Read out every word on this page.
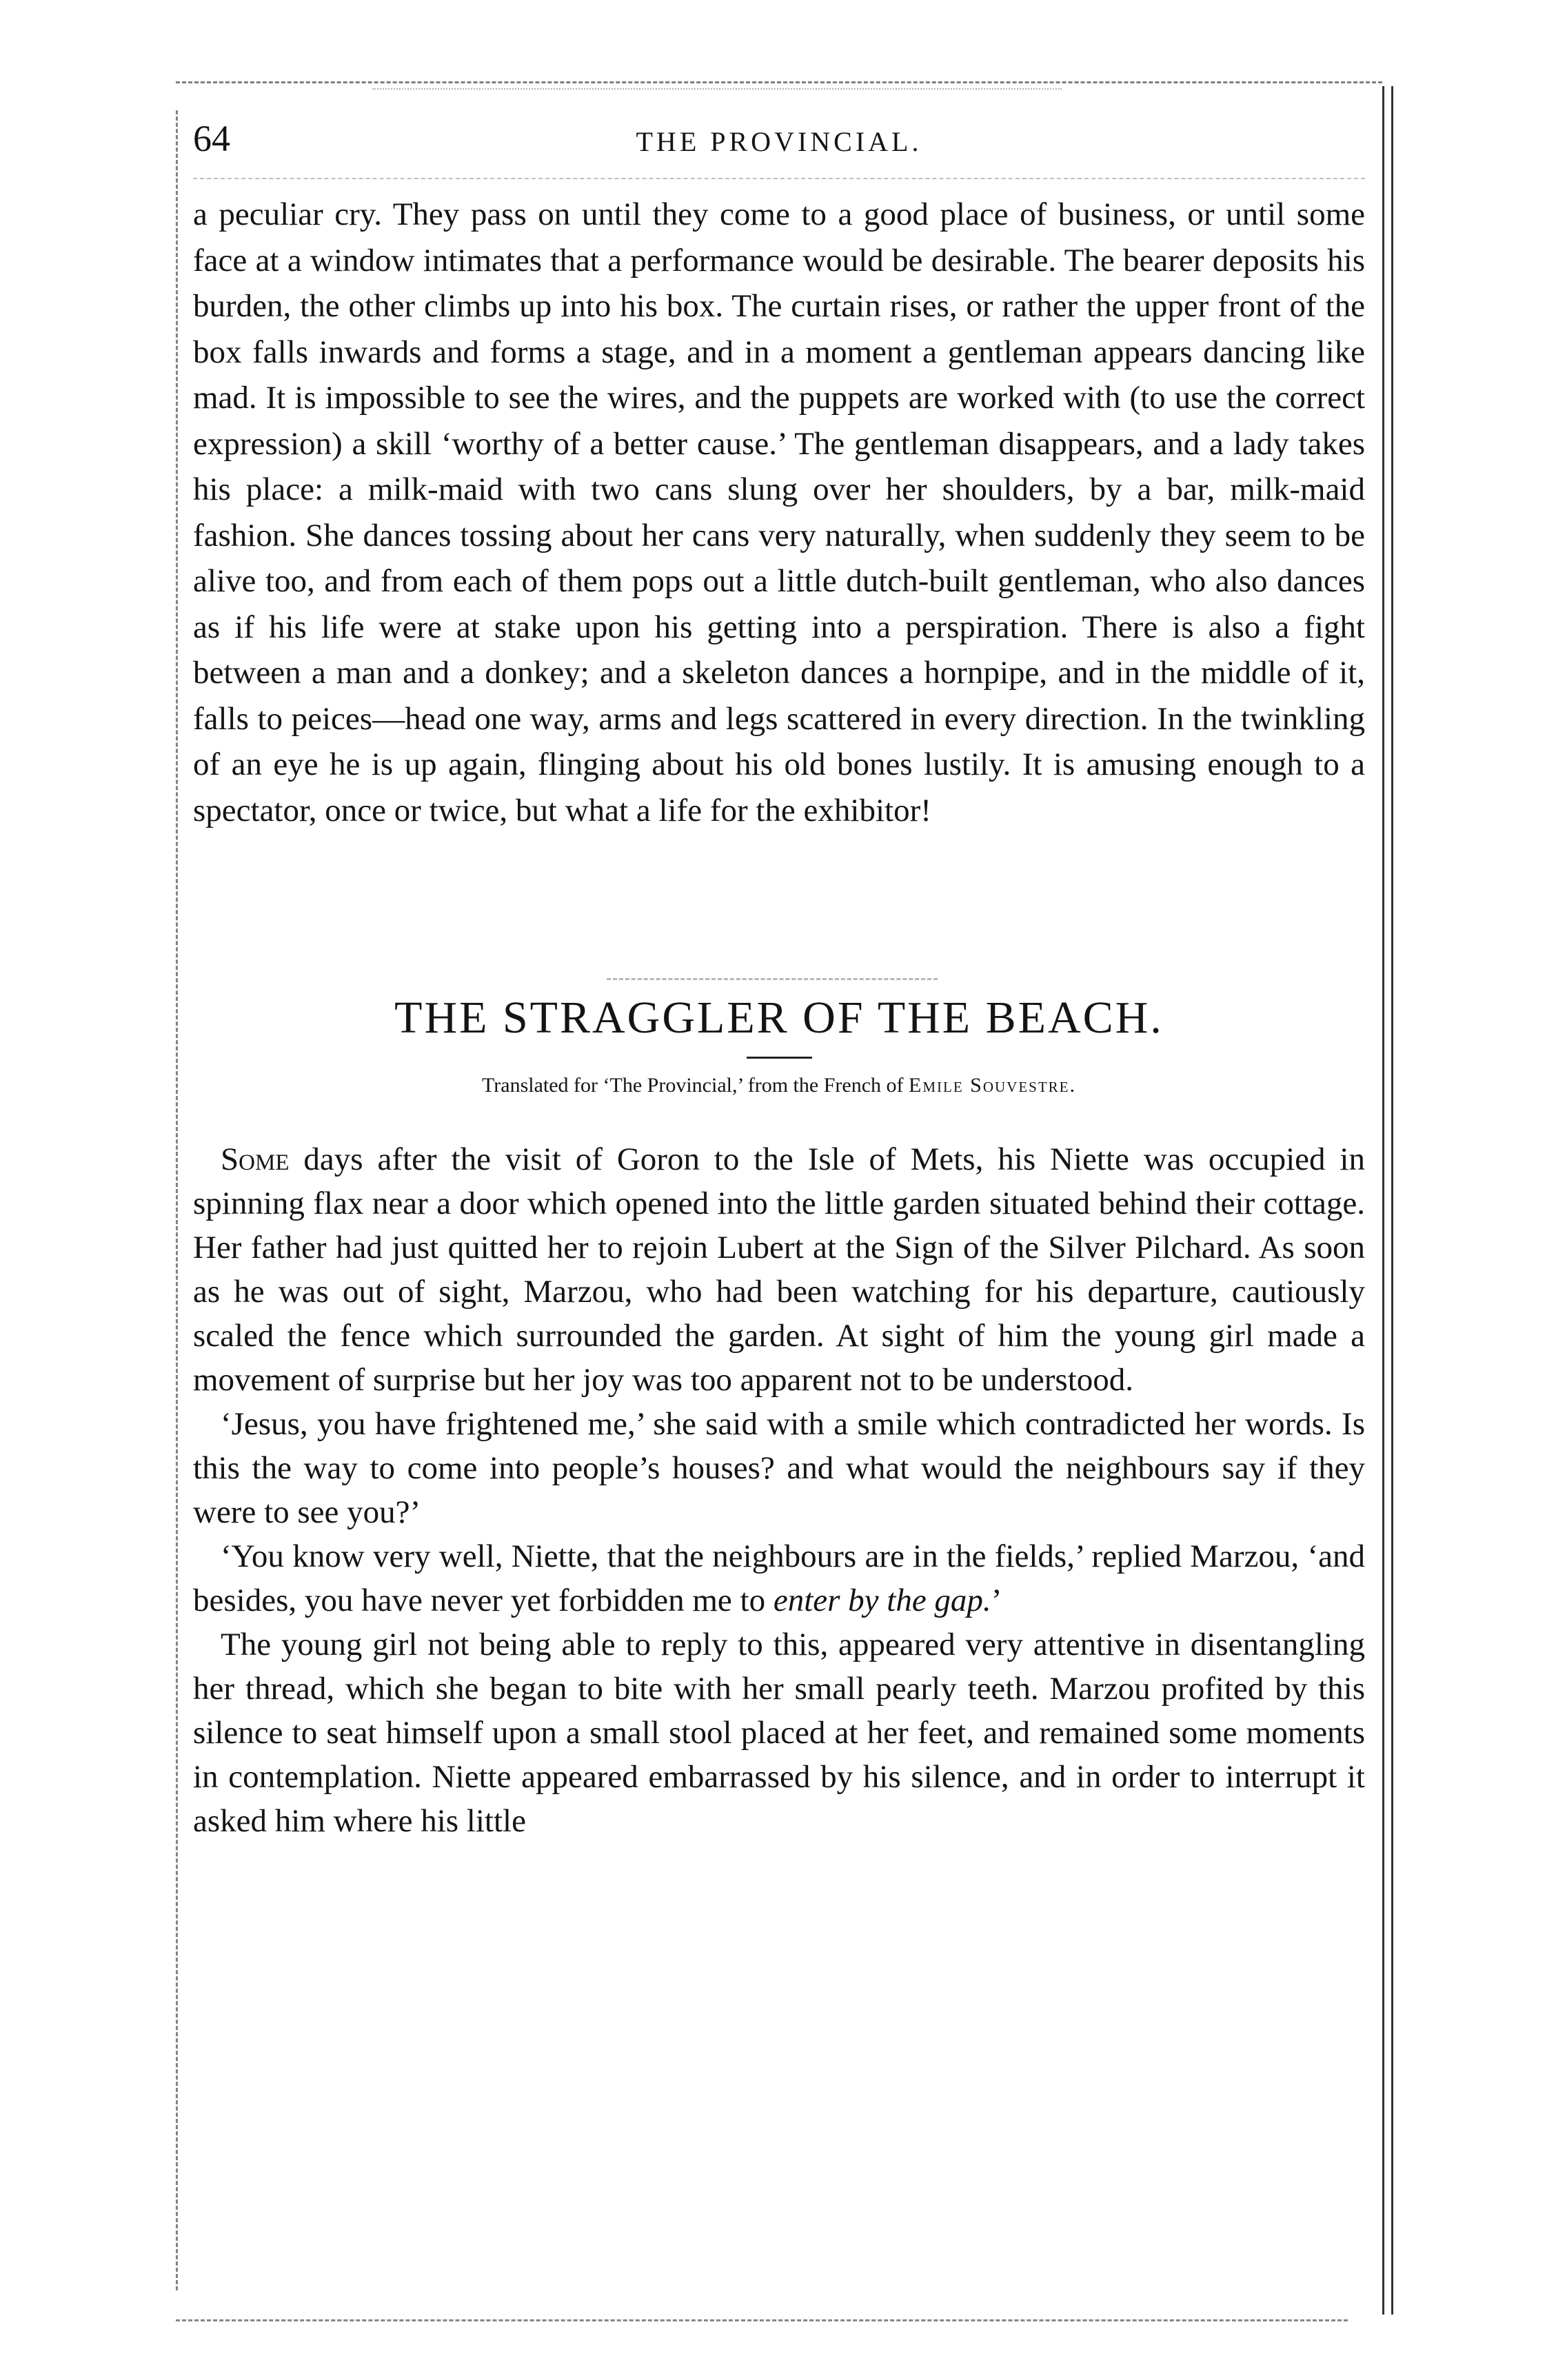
64	THE PROVINCIAL.

a peculiar cry. They pass on until they come to a good place of business, or until some face at a window intimates that a performance would be desirable. The bearer deposits his burden, the other climbs up into his box. The curtain rises, or rather the upper front of the box falls inwards and forms a stage, and in a moment a gentleman appears dancing like mad. It is impossible to see the wires, and the puppets are worked with (to use the correct expression) a skill ‘worthy of a better cause.’ The gentleman disappears, and a lady takes his place: a milk-maid with two cans slung over her shoulders, by a bar, milk-maid fashion. She dances tossing about her cans very naturally, when suddenly they seem to be alive too, and from each of them pops out a little dutch-built gentleman, who also dances as if his life were at stake upon his getting into a perspiration. There is also a fight between a man and a donkey; and a skeleton dances a hornpipe, and in the middle of it, falls to peices—head one way, arms and legs scattered in every direction. In the twinkling of an eye he is up again, flinging about his old bones lustily. It is amusing enough to a spectator, once or twice, but what a life for the exhibitor!

THE STRAGGLER OF THE BEACH.
Translated for ‘The Provincial,’ from the French of Emile Souvestre.

Some days after the visit of Goron to the Isle of Mets, his Niette was occupied in spinning flax near a door which opened into the little garden situated behind their cottage. Her father had just quitted her to rejoin Lubert at the Sign of the Silver Pilchard. As soon as he was out of sight, Marzou, who had been watching for his departure, cautiously scaled the fence which surrounded the garden. At sight of him the young girl made a movement of surprise but her joy was too apparent not to be understood.

‘Jesus, you have frightened me,’ she said with a smile which contradicted her words. Is this the way to come into people’s houses? and what would the neighbours say if they were to see you?’

‘You know very well, Niette, that the neighbours are in the fields,’ replied Marzou, ‘and besides, you have never yet forbidden me to enter by the gap.’

The young girl not being able to reply to this, appeared very attentive in disentangling her thread, which she began to bite with her small pearly teeth. Marzou profited by this silence to seat himself upon a small stool placed at her feet, and remained some moments in contemplation. Niette appeared embarrassed by his silence, and in order to interrupt it asked him where his little
